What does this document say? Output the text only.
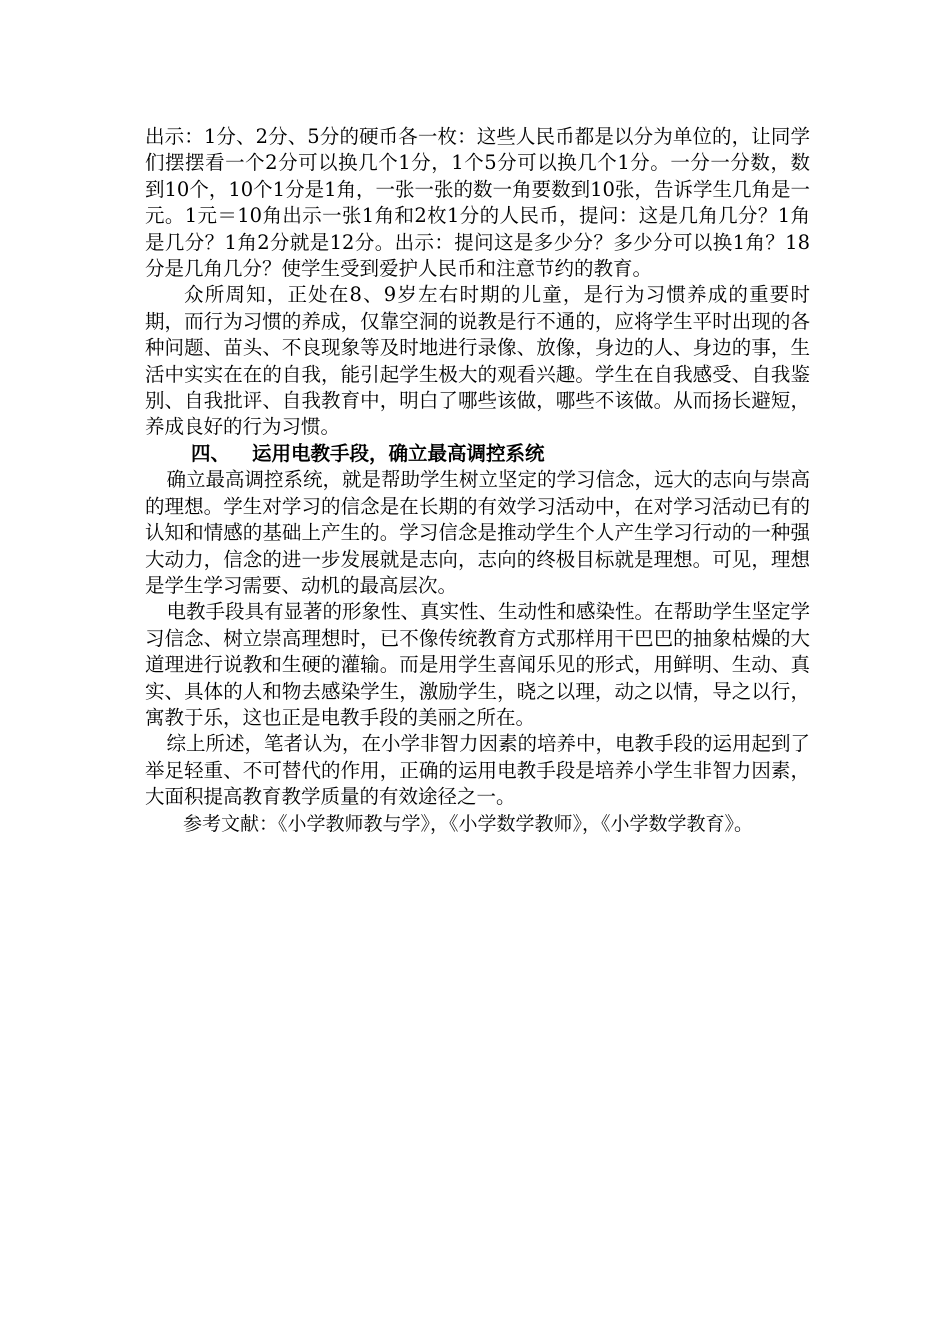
出示：1分、2分、5分的硬币各一枚：这些人民币都是以分为单位的，让同学们摆摆看一个2分可以换几个1分，1个5分可以换几个1分。一分一分数，数到10个，10个1分是1角，一张一张的数一角要数到10张，告诉学生几角是一元。1元＝10角出示一张1角和2枚1分的人民币，提问：这是几角几分？1角是几分？1角2分就是12分。出示：提问这是多少分？多少分可以换1角？18分是几角几分？使学生受到爱护人民币和注意节约的教育。

众所周知，正处在8、9岁左右时期的儿童，是行为习惯养成的重要时期，而行为习惯的养成，仅靠空洞的说教是行不通的，应将学生平时出现的各种问题、苗头、不良现象等及时地进行录像、放像，身边的人、身边的事，生活中实实在在的自我，能引起学生极大的观看兴趣。学生在自我感受、自我鉴别、自我批评、自我教育中，明白了哪些该做，哪些不该做。从而扬长避短，养成良好的行为习惯。

四、 运用电教手段，确立最高调控系统

确立最高调控系统，就是帮助学生树立坚定的学习信念，远大的志向与崇高的理想。学生对学习的信念是在长期的有效学习活动中，在对学习活动已有的认知和情感的基础上产生的。学习信念是推动学生个人产生学习行动的一种强大动力，信念的进一步发展就是志向，志向的终极目标就是理想。可见，理想是学生学习需要、动机的最高层次。

电教手段具有显著的形象性、真实性、生动性和感染性。在帮助学生坚定学习信念、树立崇高理想时，已不像传统教育方式那样用干巴巴的抽象枯燥的大道理进行说教和生硬的灌输。而是用学生喜闻乐见的形式，用鲜明、生动、真实、具体的人和物去感染学生，激励学生，晓之以理，动之以情，导之以行，寓教于乐，这也正是电教手段的美丽之所在。

综上所述，笔者认为，在小学非智力因素的培养中，电教手段的运用起到了举足轻重、不可替代的作用，正确的运用电教手段是培养小学生非智力因素，大面积提高教育教学质量的有效途径之一。

参考文献：《小学教师教与学》，《小学数学教师》，《小学数学教育》。
